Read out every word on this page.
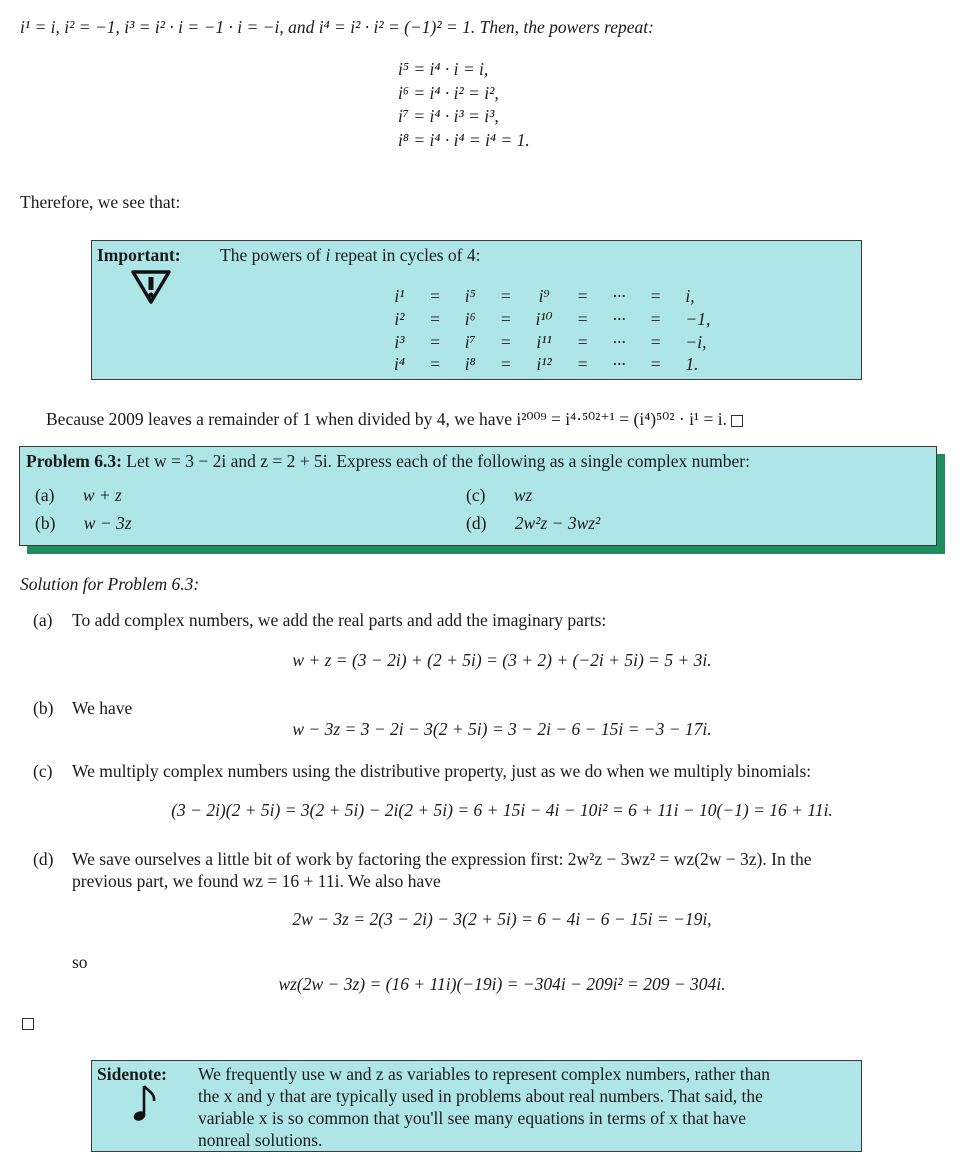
i¹ = i, i² = −1, i³ = i² · i = −1 · i = −i, and i⁴ = i² · i² = (−1)² = 1. Then, the powers repeat:
i⁵ = i⁴ · i = i,
i⁶ = i⁴ · i² = i²,
i⁷ = i⁴ · i³ = i³,
i⁸ = i⁴ · i⁴ = i⁴ = 1.
Therefore, we see that:
Important: The powers of i repeat in cycles of 4:
i¹	=	i⁵	=	i⁹	=	···	=	i,
i²	=	i⁶	=	i¹⁰	=	···	=	−1,
i³	=	i⁷	=	i¹¹	=	···	=	−i,
i⁴	=	i⁸	=	i¹²	=	···	=	1.
Because 2009 leaves a remainder of 1 when divided by 4, we have i²⁰⁰⁹ = i⁴·⁵⁰²⁺¹ = (i⁴)⁵⁰² · i¹ = i.
Problem 6.3: Let w = 3 − 2i and z = 2 + 5i. Express each of the following as a single complex number:
(a) w + z
(b) w − 3z
(c) wz
(d) 2w²z − 3wz²
Solution for Problem 6.3:
(a) To add complex numbers, we add the real parts and add the imaginary parts:
w + z = (3 − 2i) + (2 + 5i) = (3 + 2) + (−2i + 5i) = 5 + 3i.
(b) We have
w − 3z = 3 − 2i − 3(2 + 5i) = 3 − 2i − 6 − 15i = −3 − 17i.
(c) We multiply complex numbers using the distributive property, just as we do when we multiply binomials:
(3 − 2i)(2 + 5i) = 3(2 + 5i) − 2i(2 + 5i) = 6 + 15i − 4i − 10i² = 6 + 11i − 10(−1) = 16 + 11i.
(d) We save ourselves a little bit of work by factoring the expression first: 2w²z − 3wz² = wz(2w − 3z). In the
previous part, we found wz = 16 + 11i. We also have
2w − 3z = 2(3 − 2i) − 3(2 + 5i) = 6 − 4i − 6 − 15i = −19i,
so
wz(2w − 3z) = (16 + 11i)(−19i) = −304i − 209i² = 209 − 304i.
Sidenote: We frequently use w and z as variables to represent complex numbers, rather than
the x and y that are typically used in problems about real numbers. That said, the
variable x is so common that you'll see many equations in terms of x that have
nonreal solutions.
